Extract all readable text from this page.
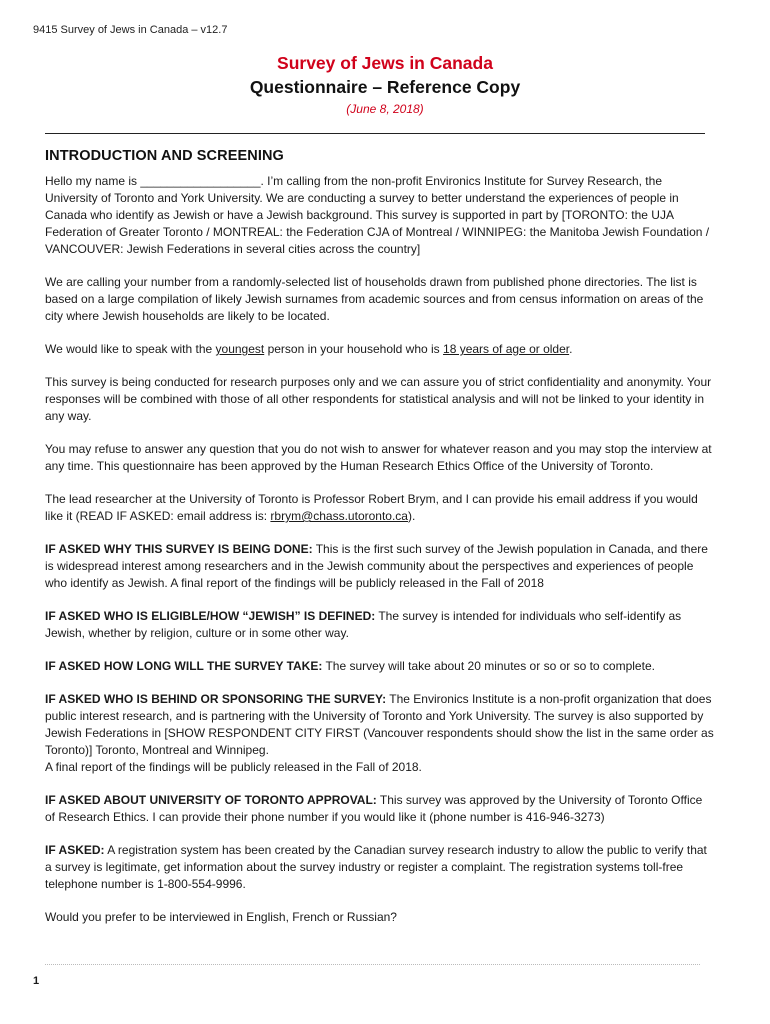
9415 Survey of Jews in Canada – v12.7
Survey of Jews in Canada
Questionnaire – Reference Copy
(June 8, 2018)
INTRODUCTION AND SCREENING

Hello my name is __________________. I’m calling from the non-profit Environics Institute for Survey Research, the University of Toronto and York University. We are conducting a survey to better understand the experiences of people in Canada who identify as Jewish or have a Jewish background. This survey is supported in part by [TORONTO: the UJA Federation of Greater Toronto / MONTREAL: the Federation CJA of Montreal / WINNIPEG: the Manitoba Jewish Foundation / VANCOUVER: Jewish Federations in several cities across the country]

We are calling your number from a randomly-selected list of households drawn from published phone directories. The list is based on a large compilation of likely Jewish surnames from academic sources and from census information on areas of the city where Jewish households are likely to be located.

We would like to speak with the youngest person in your household who is 18 years of age or older.

This survey is being conducted for research purposes only and we can assure you of strict confidentiality and anonymity. Your responses will be combined with those of all other respondents for statistical analysis and will not be linked to your identity in any way.

You may refuse to answer any question that you do not wish to answer for whatever reason and you may stop the interview at any time. This questionnaire has been approved by the Human Research Ethics Office of the University of Toronto.

The lead researcher at the University of Toronto is Professor Robert Brym, and I can provide his email address if you would like it (READ IF ASKED: email address is: rbrym@chass.utoronto.ca).

IF ASKED WHY THIS SURVEY IS BEING DONE: This is the first such survey of the Jewish population in Canada, and there is widespread interest among researchers and in the Jewish community about the perspectives and experiences of people who identify as Jewish. A final report of the findings will be publicly released in the Fall of 2018

IF ASKED WHO IS ELIGIBLE/HOW “JEWISH” IS DEFINED: The survey is intended for individuals who self-identify as Jewish, whether by religion, culture or in some other way.

IF ASKED HOW LONG WILL THE SURVEY TAKE: The survey will take about 20 minutes or so or so to complete.

IF ASKED WHO IS BEHIND OR SPONSORING THE SURVEY: The Environics Institute is a non-profit organization that does public interest research, and is partnering with the University of Toronto and York University. The survey is also supported by Jewish Federations in [SHOW RESPONDENT CITY FIRST (Vancouver respondents should show the list in the same order as Toronto)] Toronto, Montreal and Winnipeg.
A final report of the findings will be publicly released in the Fall of 2018.

IF ASKED ABOUT UNIVERSITY OF TORONTO APPROVAL: This survey was approved by the University of Toronto Office of Research Ethics. I can provide their phone number if you would like it (phone number is 416-946-3273)

IF ASKED: A registration system has been created by the Canadian survey research industry to allow the public to verify that a survey is legitimate, get information about the survey industry or register a complaint. The registration systems toll-free telephone number is 1-800-554-9996.

Would you prefer to be interviewed in English, French or Russian?

1
